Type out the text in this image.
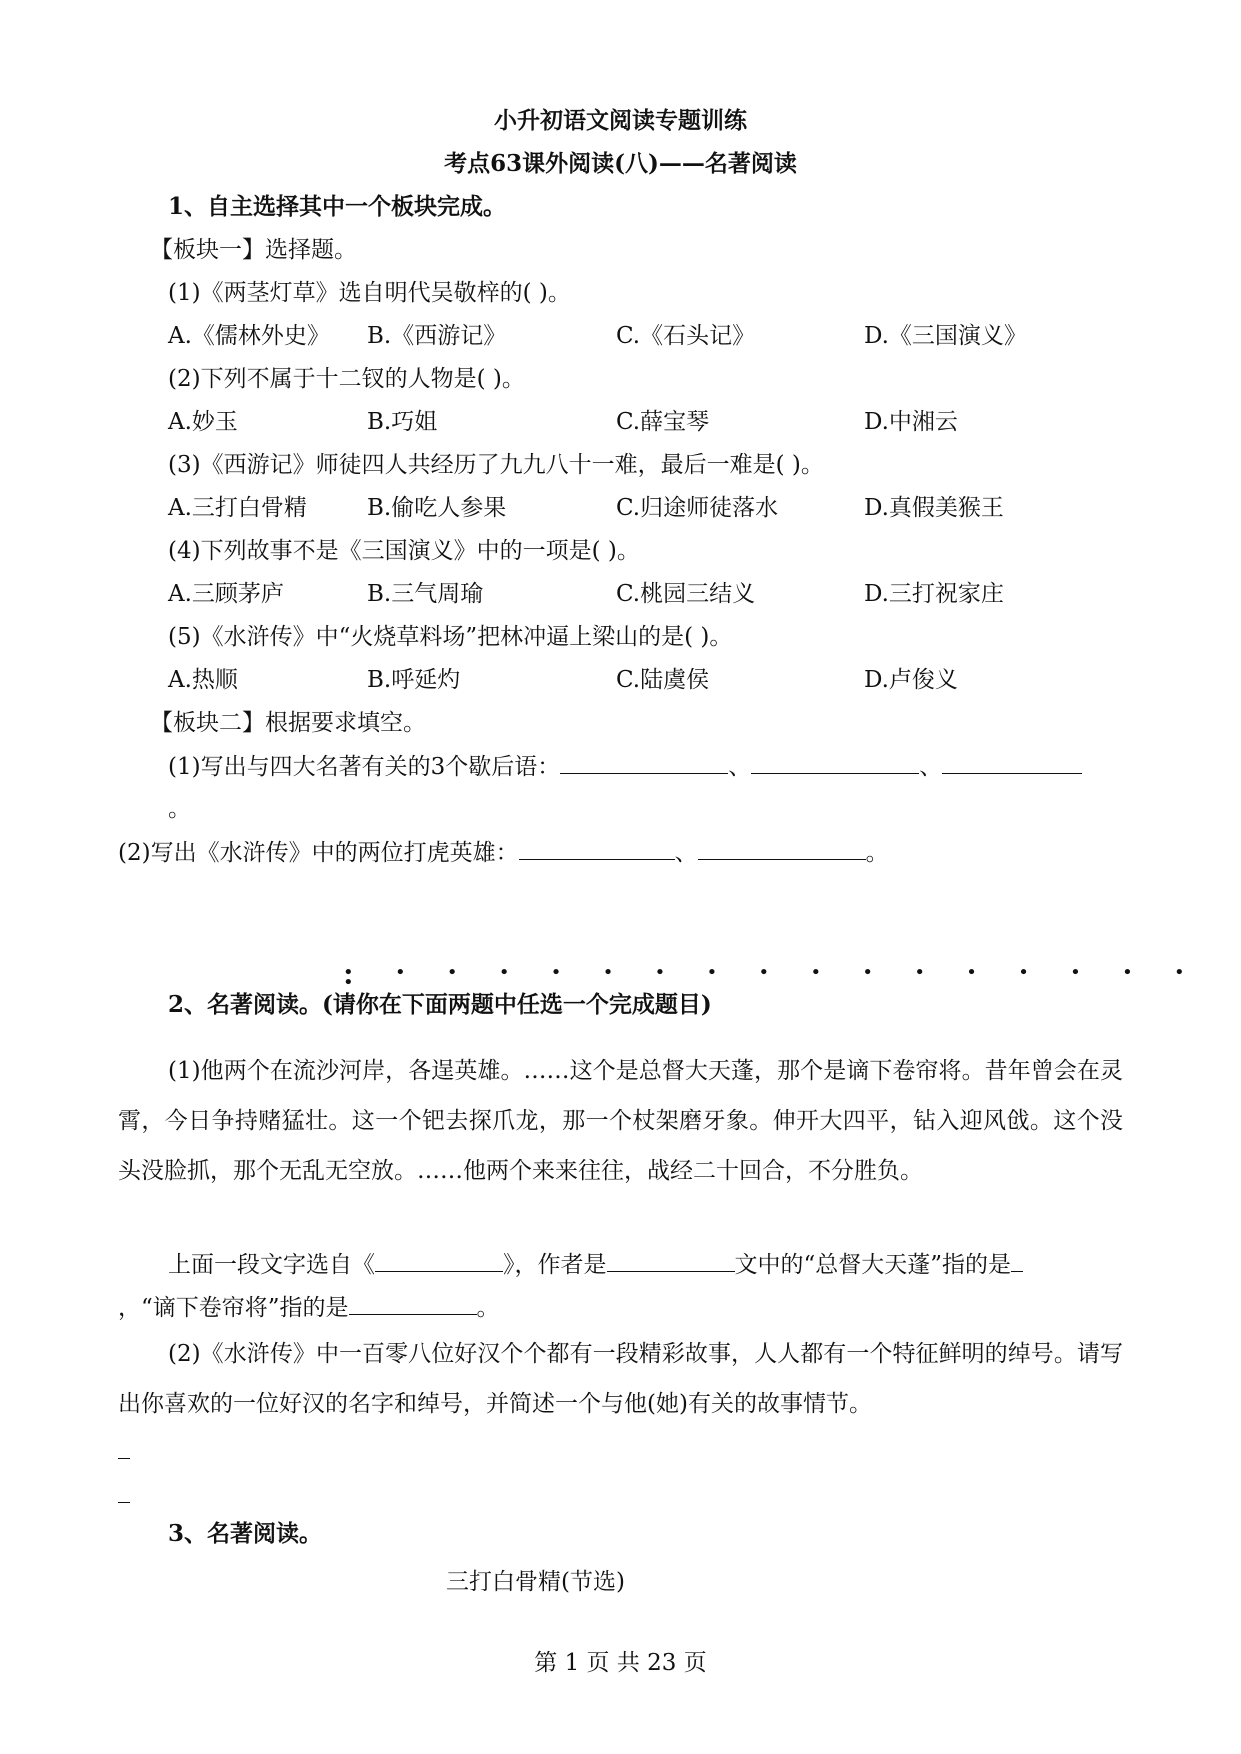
小升初语文阅读专题训练
考点63课外阅读(八)——名著阅读
1、自主选择其中一个板块完成。
【板块一】选择题。
(1)《两茎灯草》选自明代吴敬梓的( )。
A.《儒林外史》 B.《西游记》	C.《石头记》	D.《三国演义》
(2)下列不属于十二钗的人物是( )。
A.妙玉	B.巧姐	C.薛宝琴	D.中湘云
(3)《西游记》师徒四人共经历了九九八十一难，最后一难是( )。
A.三打白骨精	B.偷吃人参果	C.归途师徒落水	D.真假美猴王
(4)下列故事不是《三国演义》中的一项是( )。
A.三顾茅庐	B.三气周瑜	C.桃园三结义	D.三打祝家庄
(5)《水浒传》中“火烧草料场”把林冲逼上梁山的是( )。
A.热顺	B.呼延灼	C.陆虞侯	D.卢俊义
【板块二】根据要求填空。
(1)写出与四大名著有关的3个歇后语：	、	、
。
(2)写出《水浒传》中的两位打虎英雄：	、	。
• • • • • • • • • • • • • • • • • •
2、名著阅读。(请你在下面两题中任选一个完成题目)
(1)他两个在流沙河岸，各逞英雄。……这个是总督大天蓬，那个是谪下卷帘将。昔年曾会在灵霄，今日争持赌猛壮。这一个钯去探爪龙，那一个杖架磨牙象。伸开大四平，钻入迎风戗。这个没头没脸抓，那个无乱无空放。……他两个来来往往，战经二十回合，不分胜负。
上面一段文字选自《	》，作者是	文中的“总督大天蓬”指的是
，“谪下卷帘将”指的是	。
(2)《水浒传》中一百零八位好汉个个都有一段精彩故事，人人都有一个特征鲜明的绰号。请写出你喜欢的一位好汉的名字和绰号，并简述一个与他(她)有关的故事情节。
3、名著阅读。
三打白骨精(节选)
第 1 页 共 23 页
